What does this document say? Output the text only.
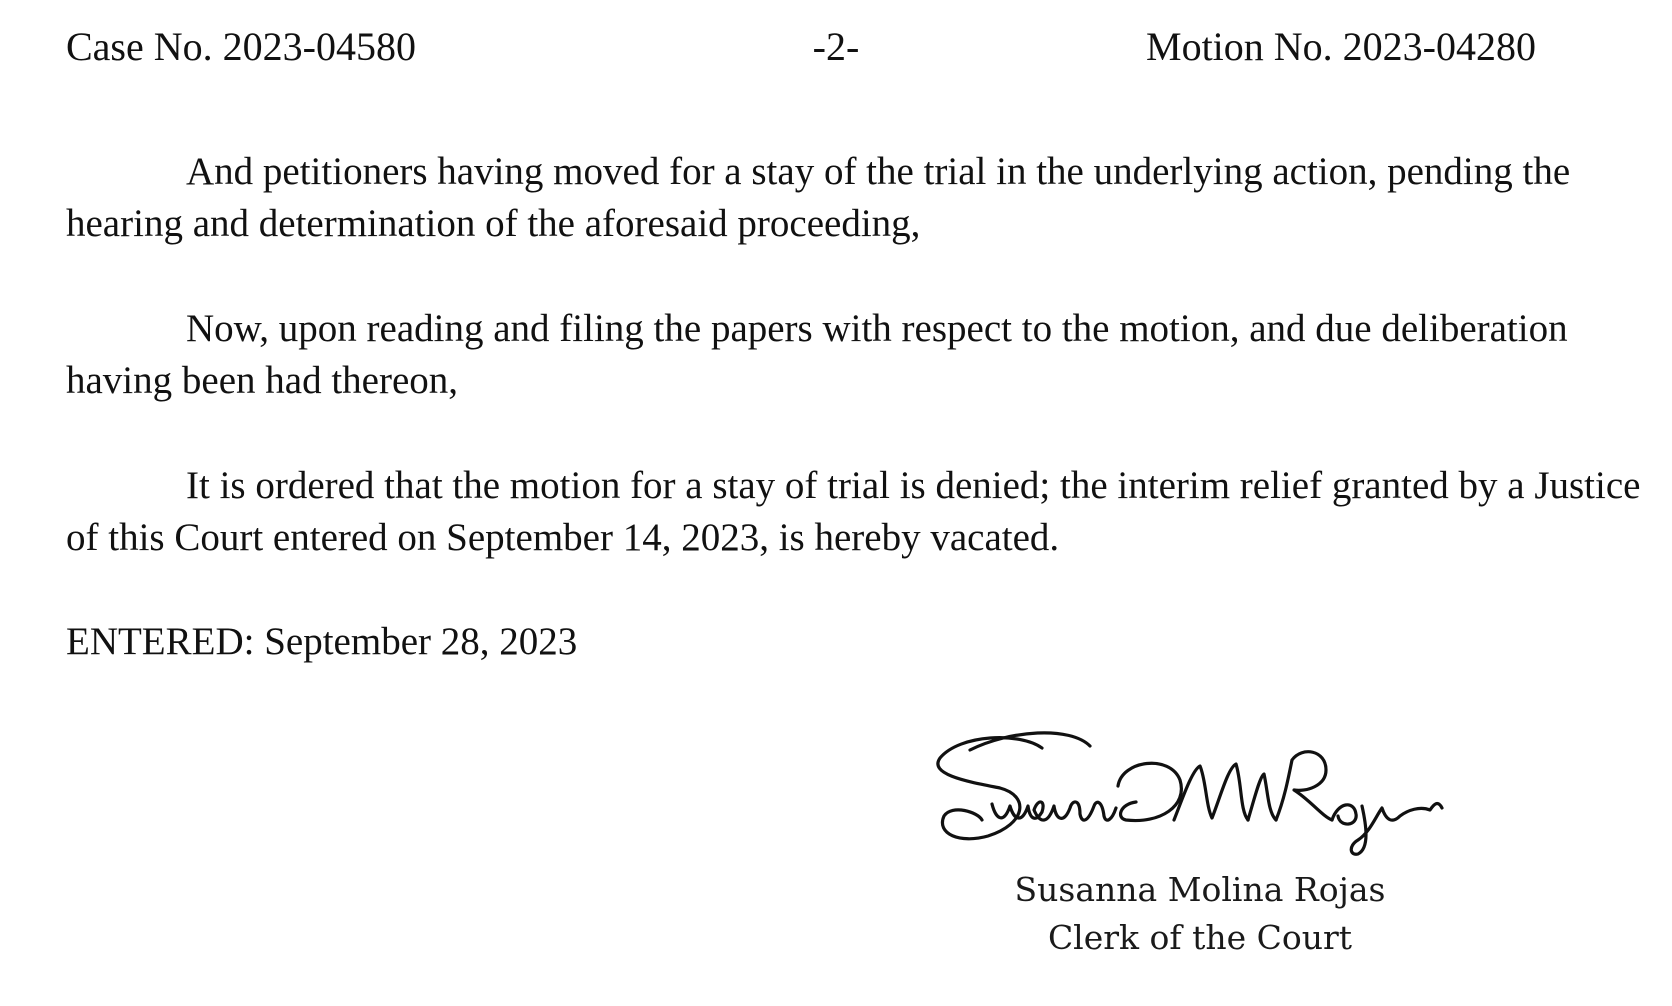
Case No. 2023-04580	-2-	Motion No. 2023-04280

And petitioners having moved for a stay of the trial in the underlying action, pending the hearing and determination of the aforesaid proceeding,

Now, upon reading and filing the papers with respect to the motion, and due deliberation having been had thereon,

It is ordered that the motion for a stay of trial is denied; the interim relief granted by a Justice of this Court entered on September 14, 2023, is hereby vacated.

ENTERED: September 28, 2023
Susanna Molina Rojas
Clerk of the Court
